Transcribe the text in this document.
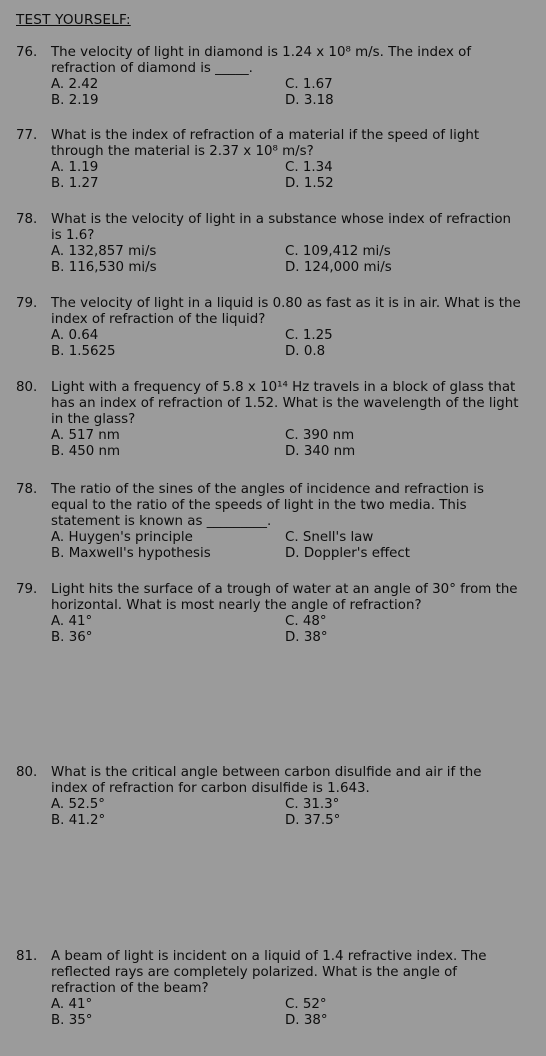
TEST YOURSELF:
76.	The velocity of light in diamond is 1.24 x 10⁸ m/s. The index of refraction of diamond is _____.
A. 2.42	C. 1.67
B. 2.19	D. 3.18
77.	What is the index of refraction of a material if the speed of light through the material is 2.37 x 10⁸ m/s?
A. 1.19	C. 1.34
B. 1.27	D. 1.52
78.	What is the velocity of light in a substance whose index of refraction is 1.6?
A. 132,857 mi/s	C. 109,412 mi/s
B. 116,530 mi/s	D. 124,000 mi/s
79.	The velocity of light in a liquid is 0.80 as fast as it is in air. What is the index of refraction of the liquid?
A. 0.64	C. 1.25
B. 1.5625	D. 0.8
80.	Light with a frequency of 5.8 x 10¹⁴ Hz travels in a block of glass that has an index of refraction of 1.52. What is the wavelength of the light in the glass?
A. 517 nm	C. 390 nm
B. 450 nm	D. 340 nm
78.	The ratio of the sines of the angles of incidence and refraction is equal to the ratio of the speeds of light in the two media. This statement is known as _________.
A. Huygen's principle	C. Snell's law
B. Maxwell's hypothesis	D. Doppler's effect
79.	Light hits the surface of a trough of water at an angle of 30° from the horizontal. What is most nearly the angle of refraction?
A. 41°	C. 48°
B. 36°	D. 38°
80.	What is the critical angle between carbon disulfide and air if the index of refraction for carbon disulfide is 1.643.
A. 52.5°	C. 31.3°
B. 41.2°	D. 37.5°
81.	A beam of light is incident on a liquid of 1.4 refractive index. The reflected rays are completely polarized. What is the angle of refraction of the beam?
A. 41°	C. 52°
B. 35°	D. 38°
